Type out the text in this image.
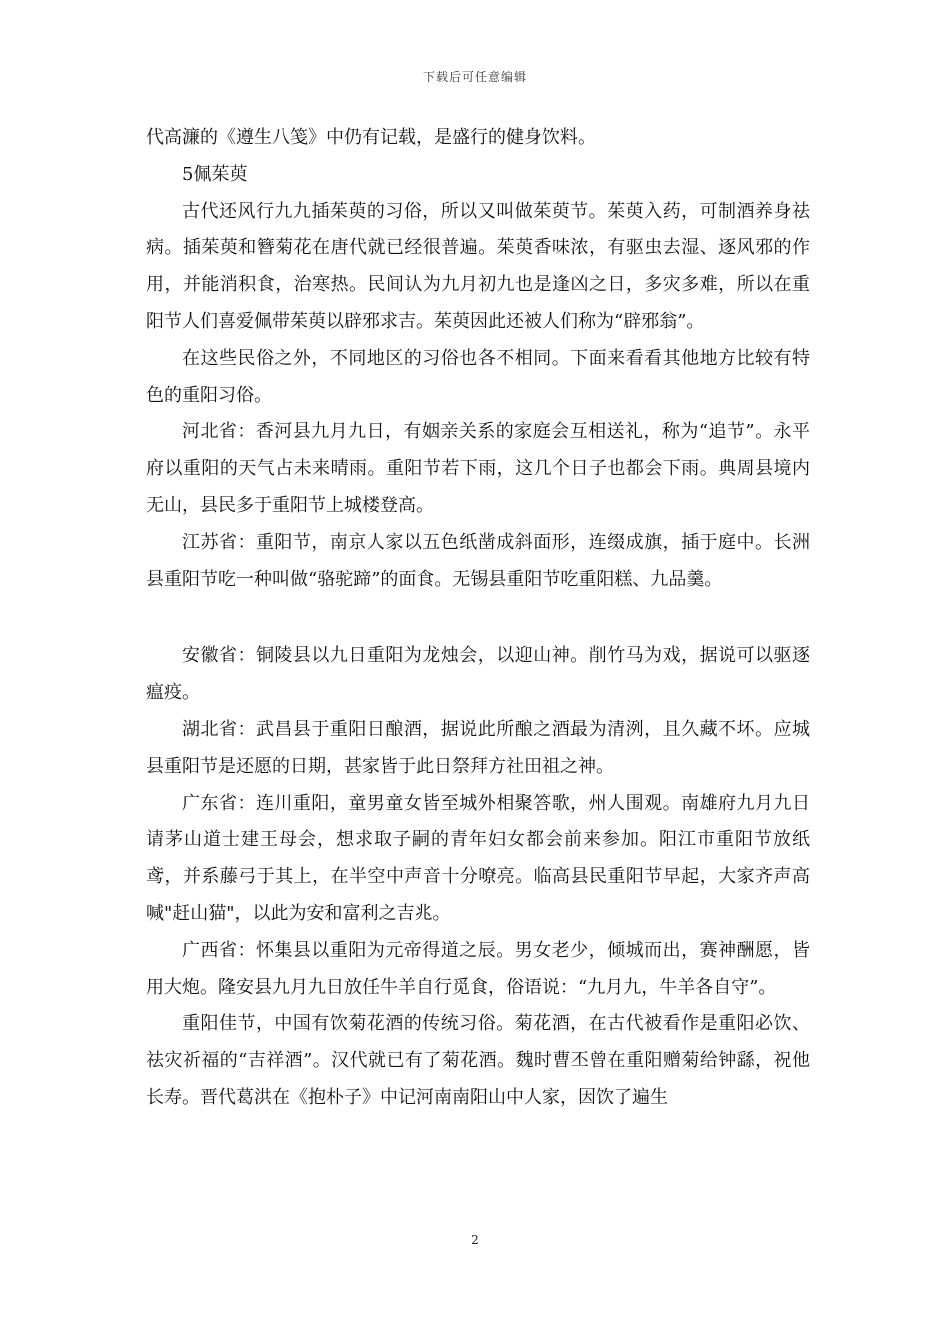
下载后可任意编辑

代高濂的《遵生八笺》中仍有记载，是盛行的健身饮料。

5佩茱萸

古代还风行九九插茱萸的习俗，所以又叫做茱萸节。茱萸入药，可制酒养身祛病。插茱萸和簪菊花在唐代就已经很普遍。茱萸香味浓，有驱虫去湿、逐风邪的作用，并能消积食，治寒热。民间认为九月初九也是逢凶之日，多灾多难，所以在重阳节人们喜爱佩带茱萸以辟邪求吉。茱萸因此还被人们称为“辟邪翁”。

在这些民俗之外，不同地区的习俗也各不相同。下面来看看其他地方比较有特色的重阳习俗。

河北省：香河县九月九日，有姻亲关系的家庭会互相送礼，称为“追节”。永平府以重阳的天气占未来晴雨。重阳节若下雨，这几个日子也都会下雨。典周县境内无山，县民多于重阳节上城楼登高。

江苏省：重阳节，南京人家以五色纸凿成斜面形，连缀成旗，插于庭中。长洲县重阳节吃一种叫做“骆驼蹄”的面食。无锡县重阳节吃重阳糕、九品羹。

安徽省：铜陵县以九日重阳为龙烛会，以迎山神。削竹马为戏，据说可以驱逐瘟疫。

湖北省：武昌县于重阳日酿酒，据说此所酿之酒最为清洌，且久藏不坏。应城县重阳节是还愿的日期，甚家皆于此日祭拜方社田祖之神。

广东省：连川重阳，童男童女皆至城外相聚答歌，州人围观。南雄府九月九日请茅山道士建王母会，想求取子嗣的青年妇女都会前来参加。阳江市重阳节放纸鸢，并系藤弓于其上，在半空中声音十分嘹亮。临高县民重阳节早起，大家齐声高喊"赶山猫"，以此为安和富利之吉兆。

广西省：怀集县以重阳为元帝得道之辰。男女老少，倾城而出，赛神酬愿，皆用大炮。隆安县九月九日放任牛羊自行觅食，俗语说：“九月九，牛羊各自守”。

重阳佳节，中国有饮菊花酒的传统习俗。菊花酒，在古代被看作是重阳必饮、祛灾祈福的“吉祥酒”。汉代就已有了菊花酒。魏时曹丕曾在重阳赠菊给钟繇，祝他长寿。晋代葛洪在《抱朴子》中记河南南阳山中人家，因饮了遍生

2
